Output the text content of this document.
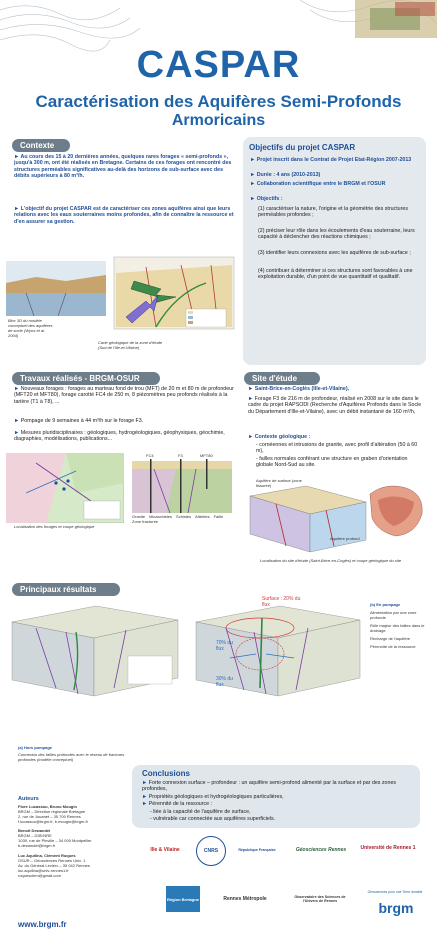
CASPAR
Caractérisation des Aquifères Semi-Profonds
Armoricains
Contexte
► Au cours des 15 à 20 dernières années, quelques rares forages « semi-profonds », jusqu'à 300 m, ont été réalisés en Bretagne. Certains de ces forages ont rencontré des structures perméables significatives au-delà des horizons de sub-surface avec des débits supérieurs à 80 m³/h.
► L'objectif du projet CASPAR est de caractériser ces zones aquifères ainsi que leurs relations avec les eaux souterraines moins profondes, afin de connaître la ressource et d'en assurer sa gestion.
Bloc 3D du modèle conceptuel des aquifères de socle (Wyns et al. 2004)
Carte géologique de la zone d'étude (Sud de l'Ille-et-Vilaine)
Objectifs du projet CASPAR
► Projet inscrit dans le Contrat de Projet Etat-Région 2007-2013
► Durée : 4 ans (2010-2013)
► Collaboration scientifique entre le BRGM et l'OSUR
► Objectifs :
(1) caractériser la nature, l'origine et la géométrie des structures perméables profondes ;
(2) préciser leur rôle dans les écoulements d'eau souterraine, leurs capacité à déclencher des réactions chimiques ;
(3) identifier leurs connexions avec les aquifères de sub-surface ;
(4) contribuer à déterminer si ces structures sont favorables à une exploitation durable, d'un point de vue quantitatif et qualitatif.
Travaux réalisés - BRGM-OSUR
► Nouveaux forages : forages au marteau fond de trou (MFT) de 20 m et 80 m de profondeur (MFT20 et MFT80), forage carotté FC4 de 250 m, 8 piézomètres peu profonds réalisés à la tarière (T1 à T8), ...
► Pompage de 9 semaines à 44 m³/h sur le forage F3.
► Mesures pluridisciplinaires : géologiques, hydrogéologiques, géophysiques, géochimie, diagraphies, modélisations, publications...
FC4	F3	MFT80
Granite Micaschistes Schistes Altérites Faille
Zone fracturée
Localisation des forages et coupe géologique
Site d'étude
► Saint-Brice-en-Coglès (Ille-et-Vilaine),
► Forage F3 de 216 m de profondeur, réalisé en 2008 sur le site dans le cadre du projet RAPSODI (Recherche d'Aquifères Profonds dans le Socle du Département d'Ille-et-Vilaine), avec un débit instantané de 160 m³/h,
► Contexte géologique :
- cornéennes et intrusions de granite, avec profil d'altération (50 à 60 m),
- failles normales conférant une structure en graben d'orientation globale Nord-Sud au site.
Aquifère de surface (zone fissurée)
Aquifère profond
Localisation du site d'étude (Saint-Brice-en-Coglès) et coupe géologique du site
Principaux résultats
Surface : 20% du flux
70% du flux
30% du flux
(b) En pompage
Alimentation par une zone profonde
Rôle majeur des failles dans le drainage
Recharge de l'aquifère
Pérennité de la ressource
(a) Hors pompage
Connexion des failles profondes avec le réseau de fractures profondes (modèle conceptuel)
Conclusions
► Forte connexion surface – profondeur : un aquifère semi-profond alimenté par la surface et par des zones profondes,
► Propriétés géologiques et hydrogéologiques particulières,
► Pérennité de la ressource :
- liée à la capacité de l'aquifère de surface,
- vulnérable car connectée aux aquifères superficiels.
Auteurs
Flore Lucassou, Bruno Mougin
BRGM – Direction régionale Bretagne
2, rue de Jouanet – 35 700 Rennes
f.lucassou@brgm.fr, b.mougin@brgm.fr
Benoît Dewandel
BRGM – D3E/NRE
1039, rue de Pinville – 34 000 Montpellier
b.dewandel@brgm.fr
Luc Aquilina, Clément Roques
OSUR – Géosciences Rennes Univ. 1
Av. du Général Leclerc – 35 042 Rennes
luc.aquilina@univ-rennes1.fr
roquesclem@gmail.com
www.brgm.fr
Ille & Vilaine	CNRS	République Française	Géosciences Rennes	Université de Rennes 1
Région Bretagne	Rennes Métropole	Observatoire des Sciences de l'Univers de Rennes	brgm
Géosciences pour une Terre durable
